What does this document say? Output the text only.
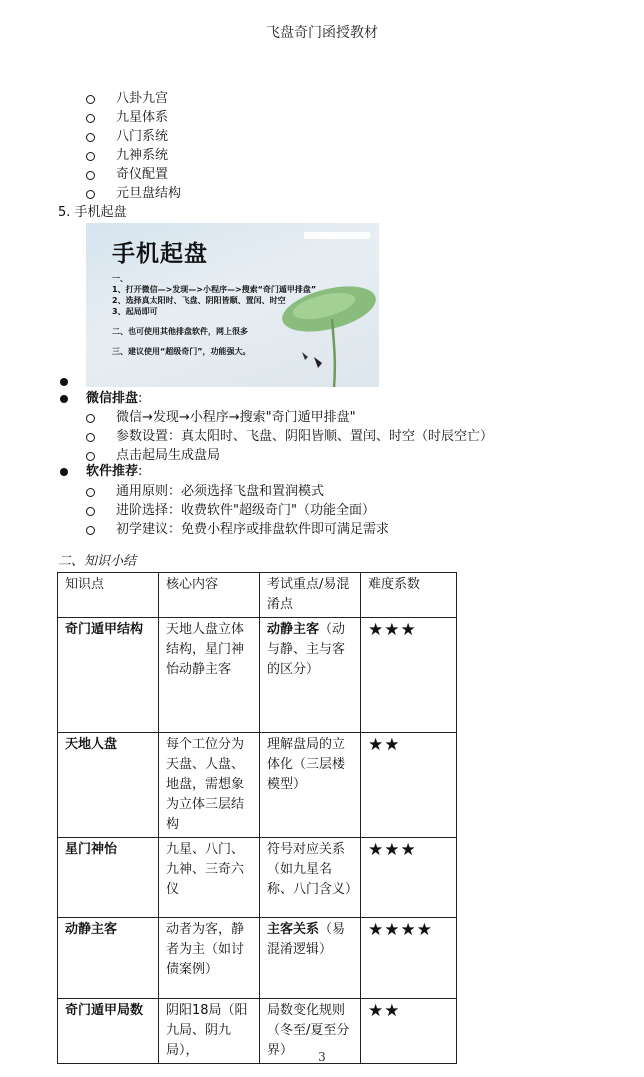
飞盘奇门函授教材
八卦九宫
九星体系
八门系统
九神系统
奇仪配置
元旦盘结构
5. 手机起盘
手机起盘
一、
1、打开微信—>发现—>小程序—>搜索“奇门遁甲排盘”
2、选择真太阳时、飞盘、阴阳皆顺、置闰、时空
3、起局即可
二、也可使用其他排盘软件，网上很多
三、建议使用“超级奇门”，功能强大。
微信排盘:
微信→发现→小程序→搜索"奇门遁甲排盘"
参数设置：真太阳时、飞盘、阴阳皆顺、置闰、时空（时辰空亡）
点击起局生成盘局
软件推荐:
通用原则：必须选择飞盘和置润模式
进阶选择：收费软件"超级奇门"（功能全面）
初学建议：免费小程序或排盘软件即可满足需求
二、知识小结
知识点	核心内容	考试重点/易混淆点	难度系数
奇门遁甲结构	天地人盘立体结构，星门神怡动静主客	动静主客（动与静、主与客的区分）	★★★
天地人盘	每个工位分为天盘、人盘、地盘，需想象为立体三层结构	理解盘局的立体化（三层楼模型）	★★
星门神怡	九星、八门、九神、三奇六仪	符号对应关系（如九星名称、八门含义）	★★★
动静主客	动者为客，静者为主（如讨债案例）	主客关系（易混淆逻辑）	★★★★
奇门遁甲局数	阴阳18局（阳九局、阴九局），	局数变化规则（冬至/夏至分界）	★★
3
